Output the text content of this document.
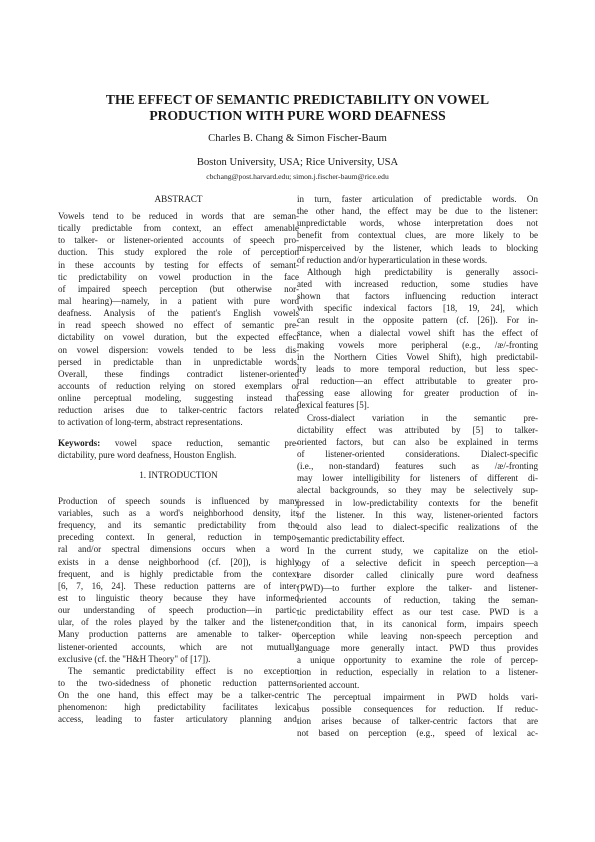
THE EFFECT OF SEMANTIC PREDICTABILITY ON VOWEL
PRODUCTION WITH PURE WORD DEAFNESS
Charles B. Chang & Simon Fischer-Baum
Boston University, USA; Rice University, USA
cbchang@post.harvard.edu; simon.j.fischer-baum@rice.edu
ABSTRACT
Vowels tend to be reduced in words that are seman-
tically predictable from context, an effect amenable
to talker- or listener-oriented accounts of speech pro-
duction. This study explored the role of perception
in these accounts by testing for effects of semant-
tic predictability on vowel production in the face
of impaired speech perception (but otherwise nor-
mal hearing)—namely, in a patient with pure word
deafness. Analysis of the patient's English vowels
in read speech showed no effect of semantic pre-
dictability on vowel duration, but the expected effect
on vowel dispersion: vowels tended to be less dis-
persed in predictable than in unpredictable words.
Overall, these findings contradict listener-oriented
accounts of reduction relying on stored exemplars or
online perceptual modeling, suggesting instead that
reduction arises due to talker-centric factors related
to activation of long-term, abstract representations.
Keywords: vowel space reduction, semantic pre-
dictability, pure word deafness, Houston English.
1. INTRODUCTION
Production of speech sounds is influenced by many
variables, such as a word's neighborhood density, its
frequency, and its semantic predictability from the
preceding context. In general, reduction in tempo-
ral and/or spectral dimensions occurs when a word
exists in a dense neighborhood (cf. [20]), is highly
frequent, and is highly predictable from the context
[6, 7, 16, 24]. These reduction patterns are of inter-
est to linguistic theory because they have informed
our understanding of speech production—in partic-
ular, of the roles played by the talker and the listener.
Many production patterns are amenable to talker- or
listener-oriented accounts, which are not mutually
exclusive (cf. the "H&H Theory" of [17]).
The semantic predictability effect is no exception
to the two-sidedness of phonetic reduction patterns.
On the one hand, this effect may be a talker-centric
phenomenon: high predictability facilitates lexical
access, leading to faster articulatory planning and,
in turn, faster articulation of predictable words. On
the other hand, the effect may be due to the listener:
unpredictable words, whose interpretation does not
benefit from contextual clues, are more likely to be
misperceived by the listener, which leads to blocking
of reduction and/or hyperarticulation in these words.
Although high predictability is generally associ-
ated with increased reduction, some studies have
shown that factors influencing reduction interact
with specific indexical factors [18, 19, 24], which
can result in the opposite pattern (cf. [26]). For in-
stance, when a dialectal vowel shift has the effect of
making vowels more peripheral (e.g., /æ/-fronting
in the Northern Cities Vowel Shift), high predictabil-
ity leads to more temporal reduction, but less spec-
tral reduction—an effect attributable to greater pro-
cessing ease allowing for greater production of in-
dexical features [5].
Cross-dialect variation in the semantic pre-
dictability effect was attributed by [5] to talker-
oriented factors, but can also be explained in terms
of listener-oriented considerations. Dialect-specific
(i.e., non-standard) features such as /æ/-fronting
may lower intelligibility for listeners of different di-
alectal backgrounds, so they may be selectively sup-
pressed in low-predictability contexts for the benefit
of the listener. In this way, listener-oriented factors
could also lead to dialect-specific realizations of the
semantic predictability effect.
In the current study, we capitalize on the etiol-
ogy of a selective deficit in speech perception—a
rare disorder called clinically pure word deafness
(PWD)—to further explore the talker- and listener-
oriented accounts of reduction, taking the seman-
tic predictability effect as our test case. PWD is a
condition that, in its canonical form, impairs speech
perception while leaving non-speech perception and
language more generally intact. PWD thus provides
a unique opportunity to examine the role of percep-
tion in reduction, especially in relation to a listener-
oriented account.
The perceptual impairment in PWD holds vari-
ous possible consequences for reduction. If reduc-
tion arises because of talker-centric factors that are
not based on perception (e.g., speed of lexical ac-
